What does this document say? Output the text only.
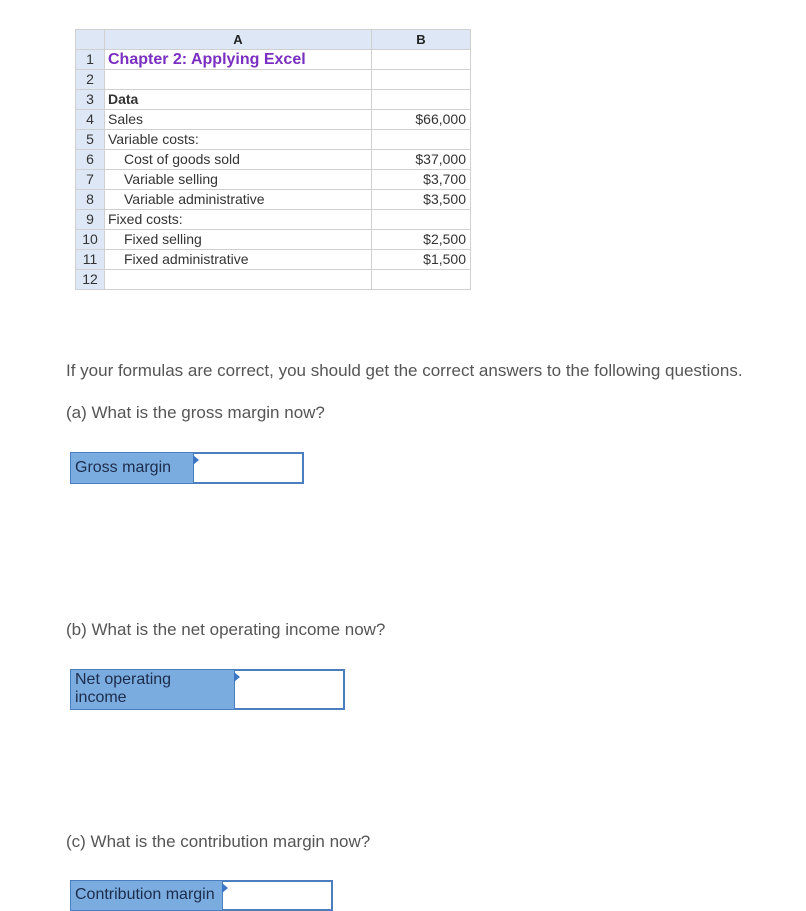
	A	B
1	Chapter 2: Applying Excel	
2		
3	Data	
4	Sales	$66,000
5	Variable costs:	
6	Cost of goods sold	$37,000
7	Variable selling	$3,700
8	Variable administrative	$3,500
9	Fixed costs:	
10	Fixed selling	$2,500
11	Fixed administrative	$1,500
12		
If your formulas are correct, you should get the correct answers to the following questions.
(a) What is the gross margin now?
Gross margin
(b) What is the net operating income now?
Net operating
income
(c) What is the contribution margin now?
Contribution margin
